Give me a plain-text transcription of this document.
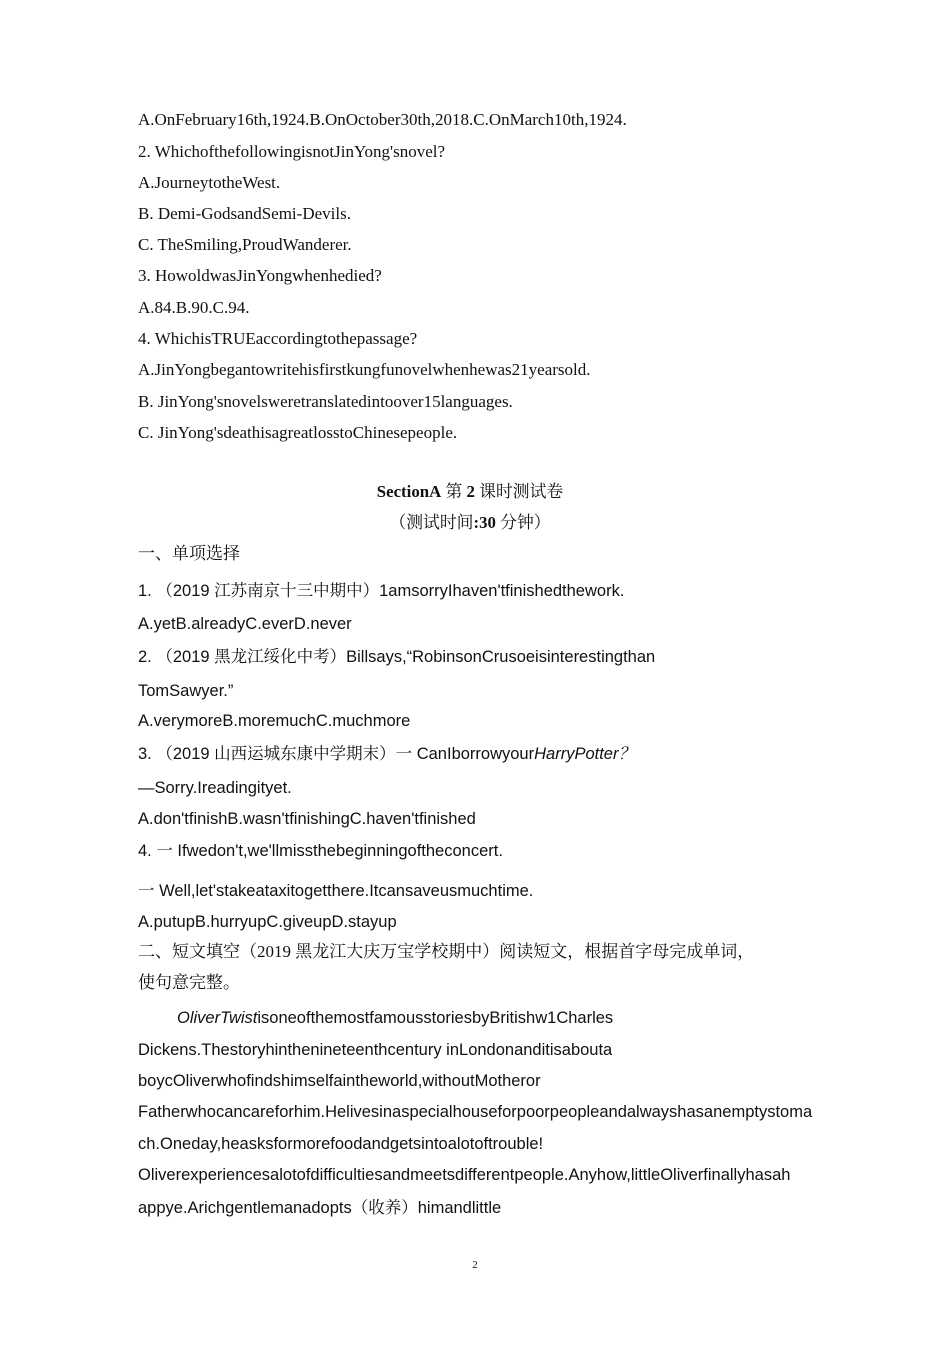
A.OnFebruary16th,1924.B.OnOctober30th,2018.C.OnMarch10th,1924.
2. WhichofthefollowingisnotJinYong'snovel?
A.JourneytotheWest.
B. Demi-GodsandSemi-Devils.
C. TheSmiling,ProudWanderer.
3. HowoldwasJinYongwhenhedied?
A.84.B.90.C.94.
4. WhichisTRUEaccordingtothepassage?
A.JinYongbegantowritehisfirstkungfunovelwhenhewas21yearsold.
B. JinYong'snovelsweretranslatedintoover15languages.
C. JinYong'sdeathisagreatlosstoChinesepeople.
SectionA 第 2 课时测试卷
（测试时间:30 分钟）
一、单项选择
1. （2019 江苏南京十三中期中）1amsorryIhaven'tfinishedthework.
A.yetB.alreadyC.everD.never
2. （2019 黑龙江绥化中考）Billsays,“RobinsonCrusoeisinterestingthan
TomSawyer.”
A.verymoreB.moremuchC.muchmore
3. （2019 山西运城东康中学期末）一 CanIborrowyourHarryPotter？
—Sorry.Ireadingityet.
A.don'tfinishB.wasn'tfinishingC.haven'tfinished
4. 一 Ifwedon't,we'llmissthebeginningoftheconcert.
一 Well,let'stakeataxitogetthere.Itcansaveusmuchtime.
A.putupB.hurryupC.giveupD.stayup
二、短文填空（2019 黑龙江大庆万宝学校期中）阅读短文，根据首字母完成单词，
使句意完整。
OliverTwistisoneofthemostfamousstoriesbyBritishw1Charles
Dickens.Thestoryhinthenineteenthcentury inLondonanditisabouta
boycOliverwhofindshimselfaintheworld,withoutMotheror
Fatherwhocancareforhim.Helivesinaspecialhouseforpoorpeopleandalwayshasanemptystoma
ch.Oneday,heasksformorefoodandgetsintoalotoftrouble!
Oliverexperiencesalotofdifficultiesandmeetsdifferentpeople.Anyhow,littleOliverfinallyhasah
appye.Arichgentlemanadopts（收养）himandlittle
2
